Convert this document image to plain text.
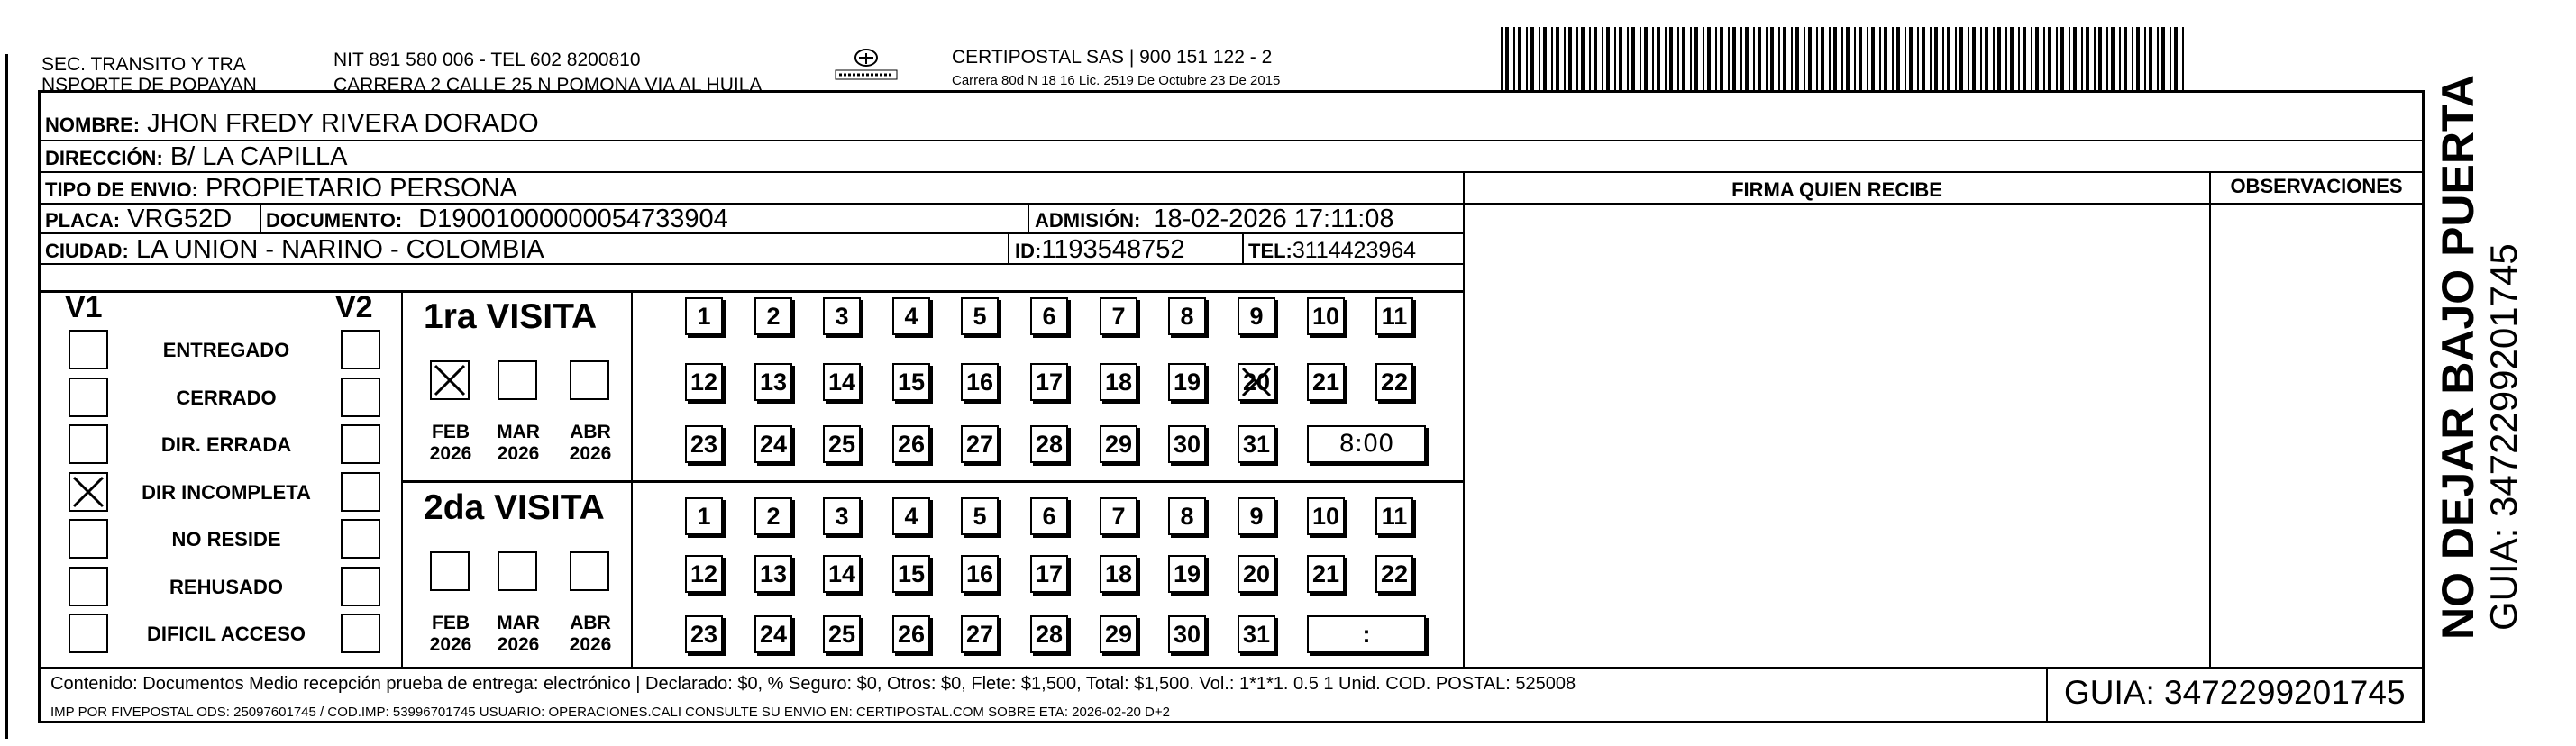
SEC. TRANSITO Y TRA
NSPORTE DE POPAYAN
NIT 891 580 006 - TEL 602 8200810
CARRERA 2 CALLE 25 N POMONA VIA AL HUILA
CERTIPOSTAL SAS | 900 151 122 - 2
Carrera 80d N 18 16 Lic. 2519 De Octubre 23 De 2015
NOMBRE: JHON FREDY RIVERA DORADO
DIRECCIÓN: B/ LA CAPILLA
TIPO DE ENVIO: PROPIETARIO PERSONA
PLACA: VRG52D DOCUMENTO: D19001000000054733904	ADMISIÓN: 18-02-2026 17:11:08
CIUDAD: LA UNION - NARINO - COLOMBIA	ID:1193548752	TEL:3114423964
FIRMA QUIEN RECIBE	OBSERVACIONES
V1	V2
ENTREGADO
CERRADO
DIR. ERRADA
DIR INCOMPLETA
NO RESIDE
REHUSADO
DIFICIL ACCESO
1ra VISITA
2da VISITA
FEB
2026
MAR
2026
ABR
2026
FEB
2026
MAR
2026
ABR
2026
1	2	3	4	5	6	7	8	9	10 11
12 13 14 15 16 17 18 19 20 21 22
23 24 25 26 27 28 29 30 31	8:00
1	2	3	4	5	6	7	8	9	10 11
12 13 14 15 16 17 18 19 20 21 22
23 24 25 26 27 28 29 30 31	:
Contenido: Documentos Medio recepción prueba de entrega: electrónico | Declarado: $0, % Seguro: $0, Otros: $0, Flete: $1,500, Total: $1,500. Vol.: 1*1*1. 0.5 1 Unid. COD. POSTAL: 525008
IMP POR FIVEPOSTAL ODS: 25097601745 / COD.IMP: 53996701745 USUARIO: OPERACIONES.CALI CONSULTE SU ENVIO EN: CERTIPOSTAL.COM SOBRE ETA: 2026-02-20 D+2
GUIA: 3472299201745
NO DEJAR BAJO PUERTA GUIA: 3472299201745
